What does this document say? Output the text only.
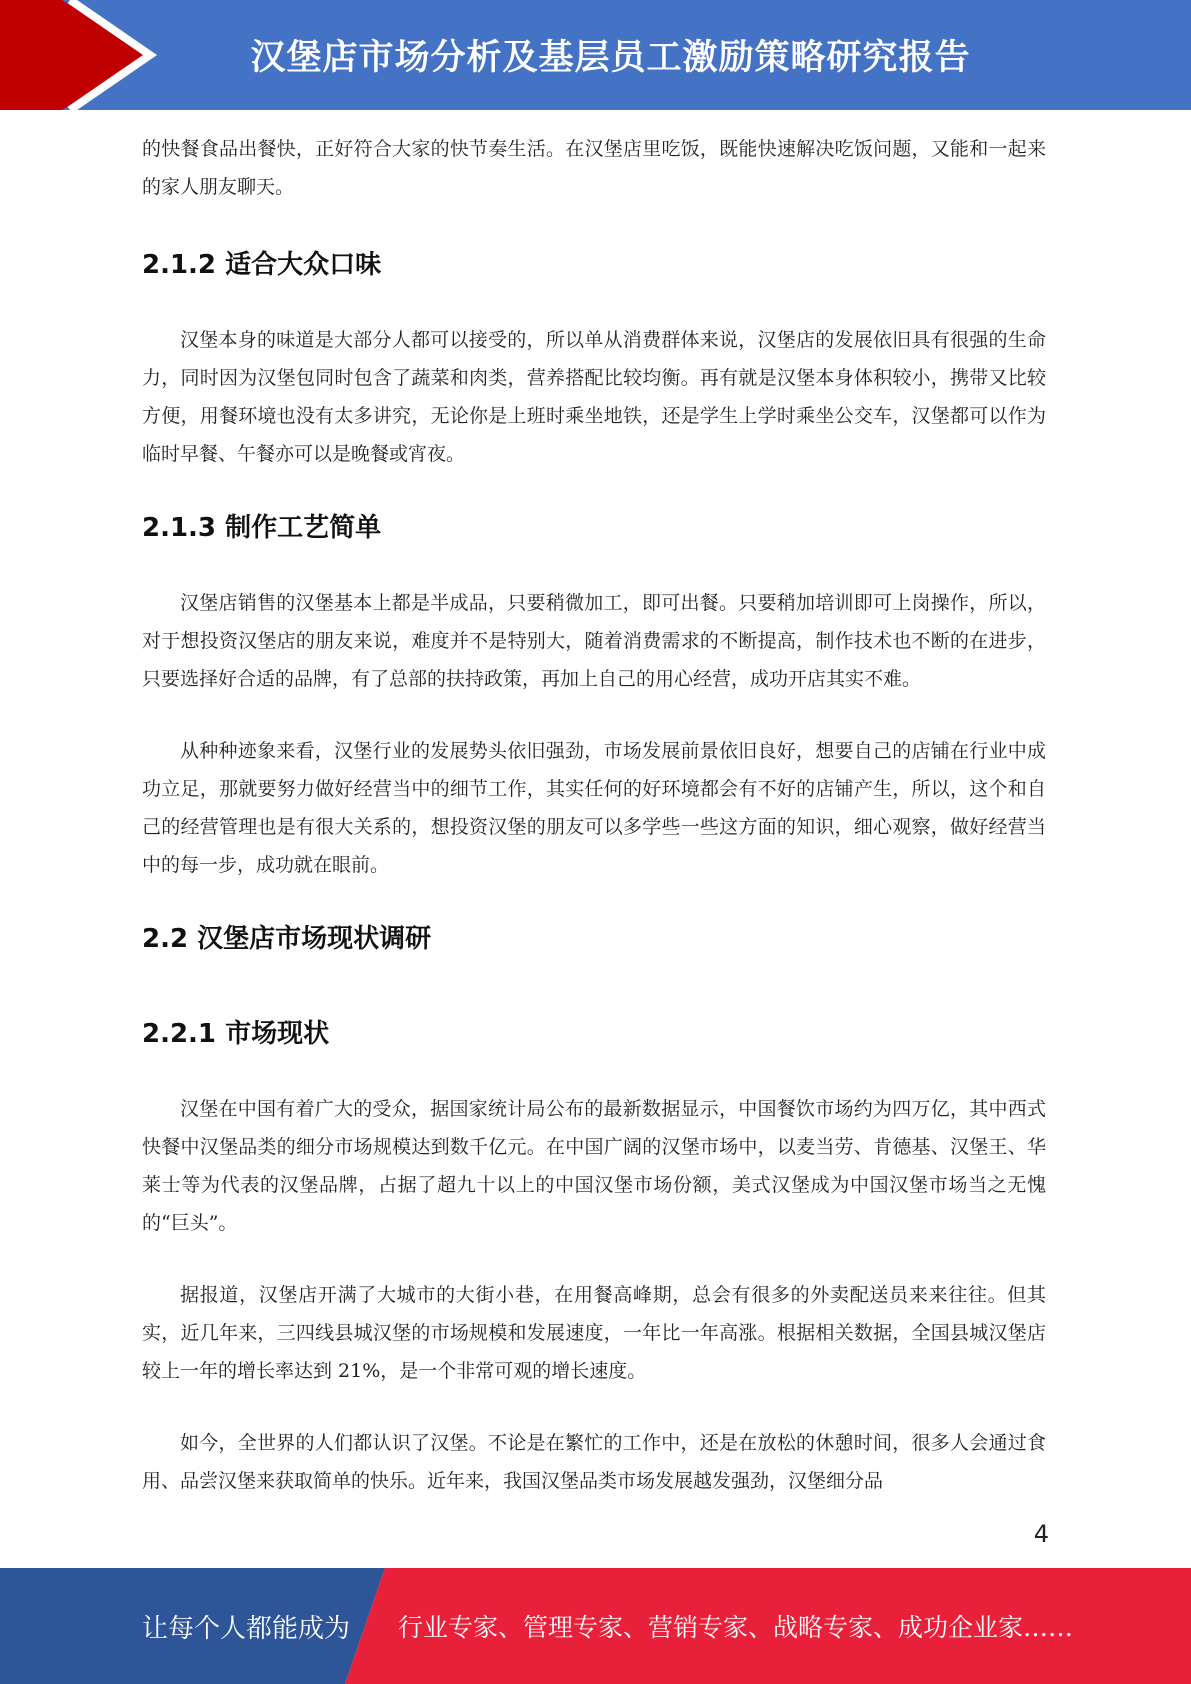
汉堡店市场分析及基层员工激励策略研究报告

的快餐食品出餐快，正好符合大家的快节奏生活。在汉堡店里吃饭，既能快速解决吃饭问题，又能和一起来的家人朋友聊天。

2.1.2 适合大众口味

汉堡本身的味道是大部分人都可以接受的，所以单从消费群体来说，汉堡店的发展依旧具有很强的生命力，同时因为汉堡包同时包含了蔬菜和肉类，营养搭配比较均衡。再有就是汉堡本身体积较小，携带又比较方便，用餐环境也没有太多讲究，无论你是上班时乘坐地铁，还是学生上学时乘坐公交车，汉堡都可以作为临时早餐、午餐亦可以是晚餐或宵夜。

2.1.3 制作工艺简单

汉堡店销售的汉堡基本上都是半成品，只要稍微加工，即可出餐。只要稍加培训即可上岗操作，所以，对于想投资汉堡店的朋友来说，难度并不是特别大，随着消费需求的不断提高，制作技术也不断的在进步，只要选择好合适的品牌，有了总部的扶持政策，再加上自己的用心经营，成功开店其实不难。

从种种迹象来看，汉堡行业的发展势头依旧强劲，市场发展前景依旧良好，想要自己的店铺在行业中成功立足，那就要努力做好经营当中的细节工作，其实任何的好环境都会有不好的店铺产生，所以，这个和自己的经营管理也是有很大关系的，想投资汉堡的朋友可以多学些一些这方面的知识，细心观察，做好经营当中的每一步，成功就在眼前。

2.2 汉堡店市场现状调研
2.2.1 市场现状

汉堡在中国有着广大的受众，据国家统计局公布的最新数据显示，中国餐饮市场约为四万亿，其中西式快餐中汉堡品类的细分市场规模达到数千亿元。在中国广阔的汉堡市场中，以麦当劳、肯德基、汉堡王、华莱士等为代表的汉堡品牌，占据了超九十以上的中国汉堡市场份额，美式汉堡成为中国汉堡市场当之无愧的“巨头”。

据报道，汉堡店开满了大城市的大街小巷，在用餐高峰期，总会有很多的外卖配送员来来往往。但其实，近几年来，三四线县城汉堡的市场规模和发展速度，一年比一年高涨。根据相关数据，全国县城汉堡店较上一年的增长率达到 21%，是一个非常可观的增长速度。

如今，全世界的人们都认识了汉堡。不论是在繁忙的工作中，还是在放松的休憩时间，很多人会通过食用、品尝汉堡来获取简单的快乐。近年来，我国汉堡品类市场发展越发强劲，汉堡细分品

4
让每个人都能成为 行业专家、管理专家、营销专家、战略专家、成功企业家……
